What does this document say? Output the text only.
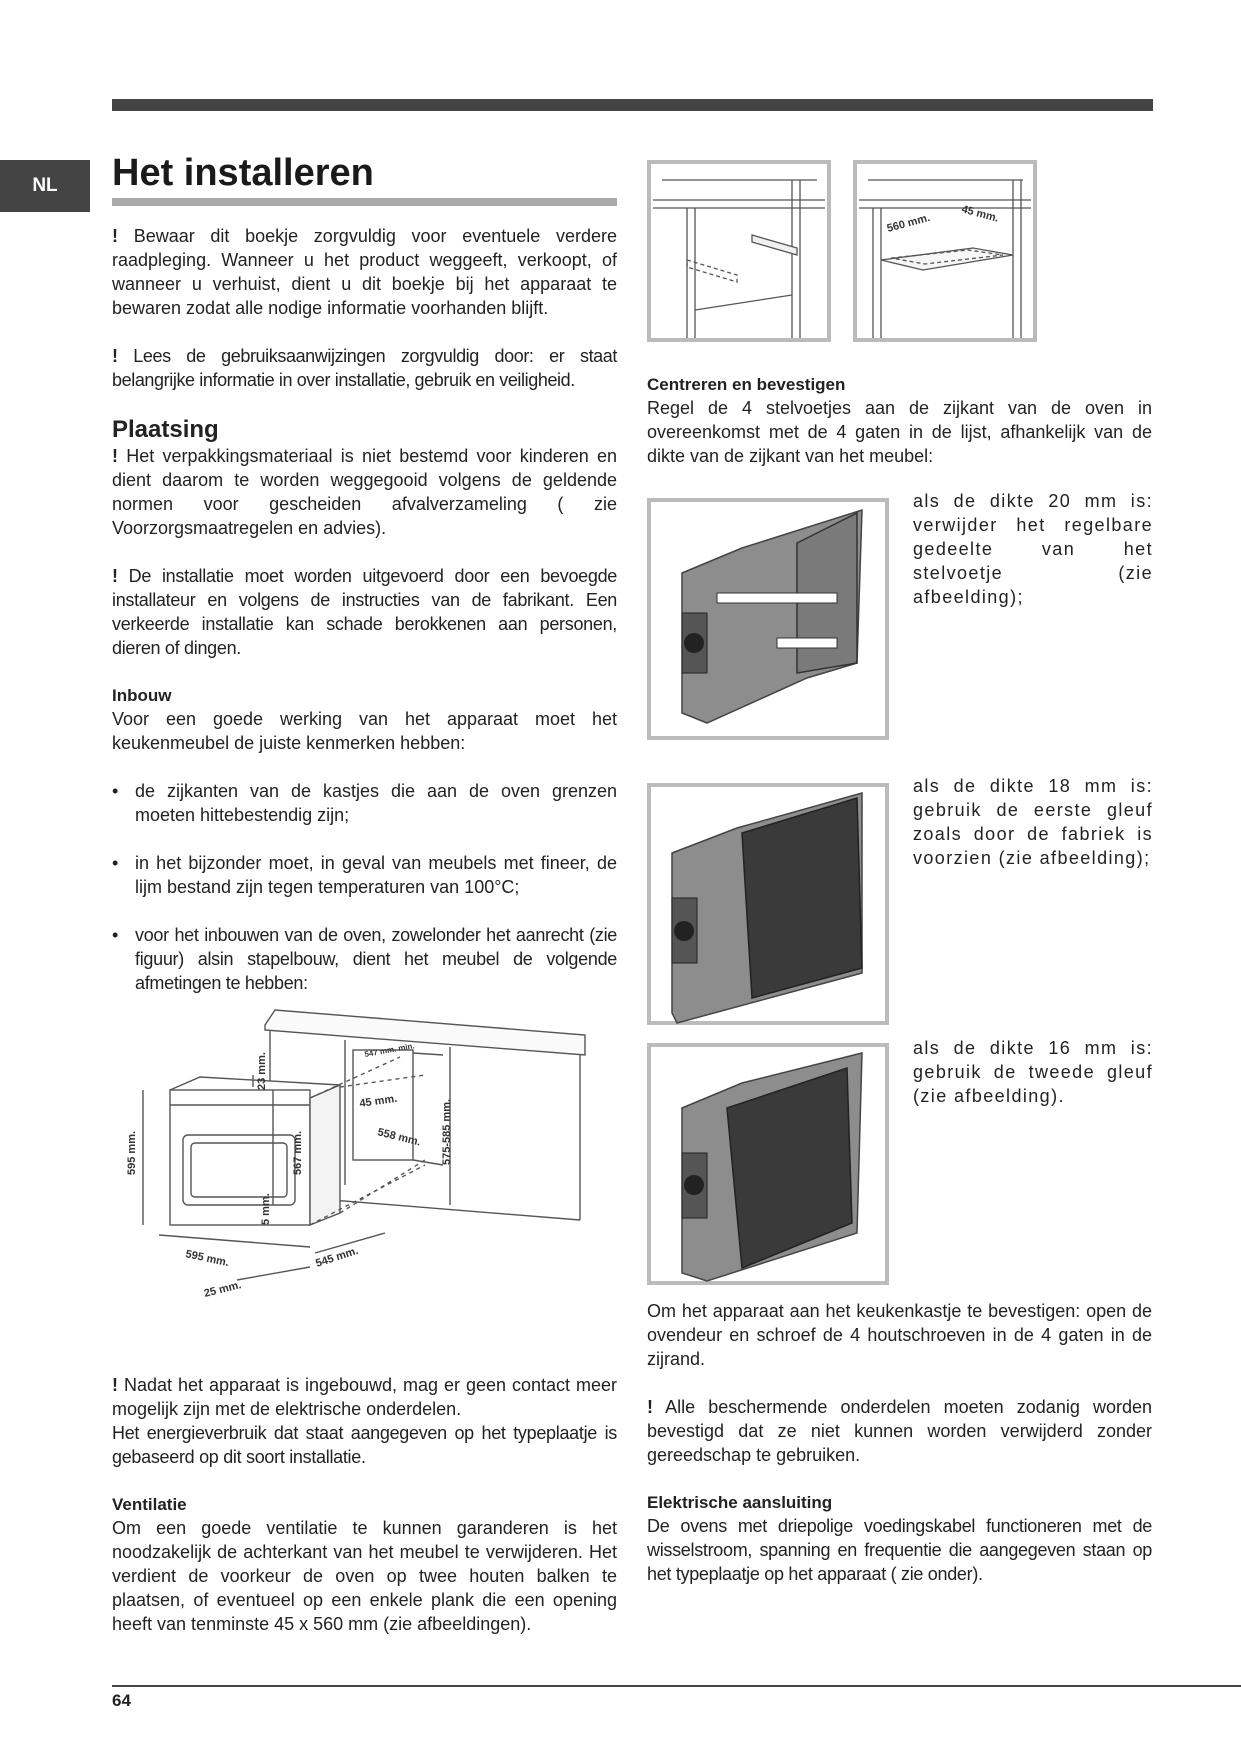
NL	Het installeren

! Bewaar dit boekje zorgvuldig voor eventuele verdere raadpleging. Wanneer u het product weggeeft, verkoopt, of wanneer u verhuist, dient u dit boekje bij het apparaat te bewaren zodat alle nodige informatie voorhanden blijft.

! Lees de gebruiksaanwijzingen zorgvuldig door: er staat belangrijke informatie in over installatie, gebruik en veiligheid.

Plaatsing

! Het verpakkingsmateriaal is niet bestemd voor kinderen en dient daarom te worden weggegooid volgens de geldende normen voor gescheiden afvalverzameling ( zie Voorzorgsmaatregelen en advies).

! De installatie moet worden uitgevoerd door een bevoegde installateur en volgens de instructies van de fabrikant. Een verkeerde installatie kan schade berokkenen aan personen, dieren of dingen.

Inbouw

Voor een goede werking van het apparaat moet het keukenmeubel de juiste kenmerken hebben:

• de zijkanten van de kastjes die aan de oven grenzen moeten hittebestendig zijn;
• in het bijzonder moet, in geval van meubels met fineer, de lijm bestand zijn tegen temperaturen van 100°C;
• voor het inbouwen van de oven, zowelonder het aanrecht (zie figuur) alsin stapelbouw, dient het meubel de volgende afmetingen te hebben:
595 mm.
23 mm.
567 mm.
5 mm.
595 mm.	545 mm.
25 mm.
547 mm. min.
45 mm.
558 mm. 575-585 mm.

! Nadat het apparaat is ingebouwd, mag er geen contact meer mogelijk zijn met de elektrische onderdelen.

Het energieverbruik dat staat aangegeven op het typeplaatje is gebaseerd op dit soort installatie.

Ventilatie

Om een goede ventilatie te kunnen garanderen is het noodzakelijk de achterkant van het meubel te verwijderen. Het verdient de voorkeur de oven op twee houten balken te plaatsen, of eventueel op een enkele plank die een opening heeft van tenminste 45 x 560 mm (zie afbeeldingen).

560 mm.	45 mm.
Centreren en bevestigen

Regel de 4 stelvoetjes aan de zijkant van de oven in overeenkomst met de 4 gaten in de lijst, afhankelijk van de dikte van de zijkant van het meubel:

als de dikte 20 mm is: verwijder het regelbare gedeelte van het stelvoetje (zie afbeelding);
als de dikte 18 mm is: gebruik de eerste gleuf zoals door de fabriek is voorzien (zie afbeelding);
als de dikte 16 mm is: gebruik de tweede gleuf (zie afbeelding).

Om het apparaat aan het keukenkastje te bevestigen: open de ovendeur en schroef de 4 houtschroeven in de 4 gaten in de zijrand.

! Alle beschermende onderdelen moeten zodanig worden bevestigd dat ze niet kunnen worden verwijderd zonder gereedschap te gebruiken.

Elektrische aansluiting

De ovens met driepolige voedingskabel functioneren met de wisselstroom, spanning en frequentie die aangegeven staan op het typeplaatje op het apparaat ( zie onder).

64
